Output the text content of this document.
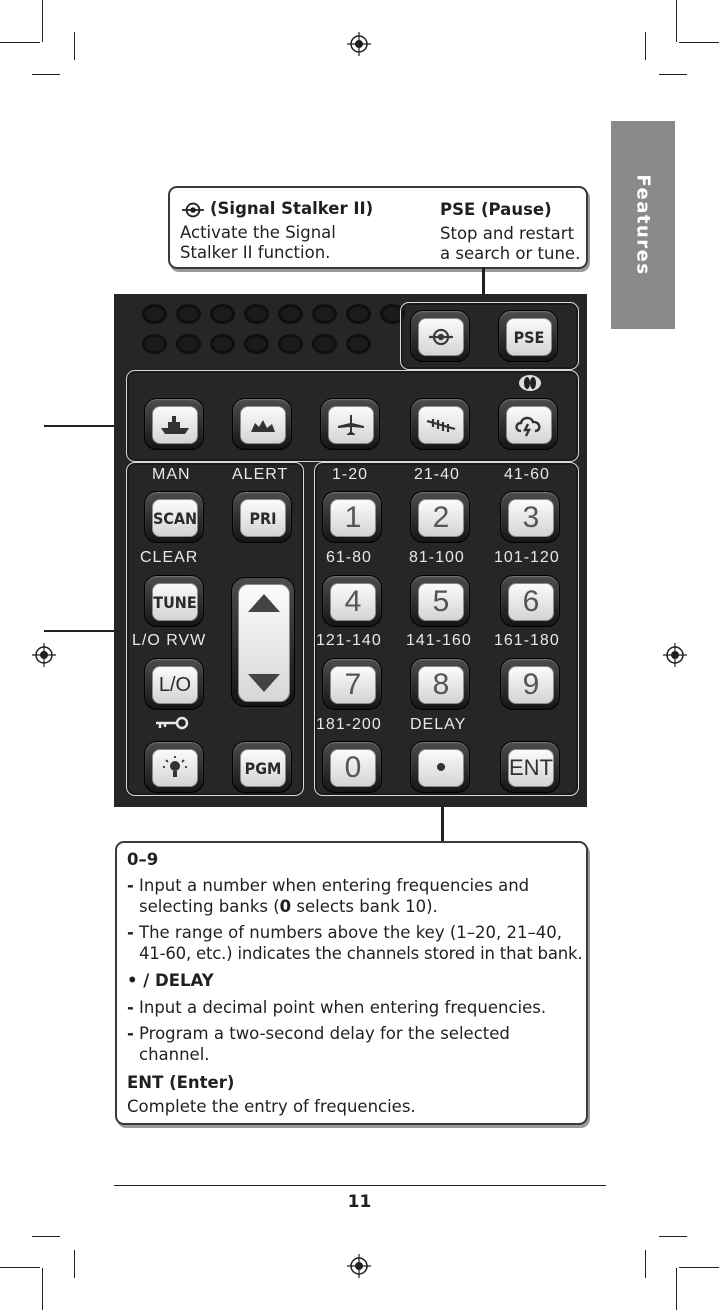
Features
(Signal Stalker II)
Activate the Signal
Stalker II function.
PSE (Pause)
Stop and restart
a search or tune.
PSE
MAN	ALERT
SCAN	PRI
CLEAR
TUNE
L/O RVW
L/O
PGM
1-20	21-40	41-60
61-80 81-100 101-120
121-140 141-160 161-180
181-200 DELAY
1	2	3
4	5	6
7	8	9
0	•	ENT

0–9

- Input a number when entering frequencies and

selecting banks (0 selects bank 10).

- The range of numbers above the key (1–20, 21–40,

41-60, etc.) indicates the channels stored in that bank.

• / DELAY

- Input a decimal point when entering frequencies.

- Program a two-second delay for the selected

channel.

ENT (Enter)

Complete the entry of frequencies.

11
